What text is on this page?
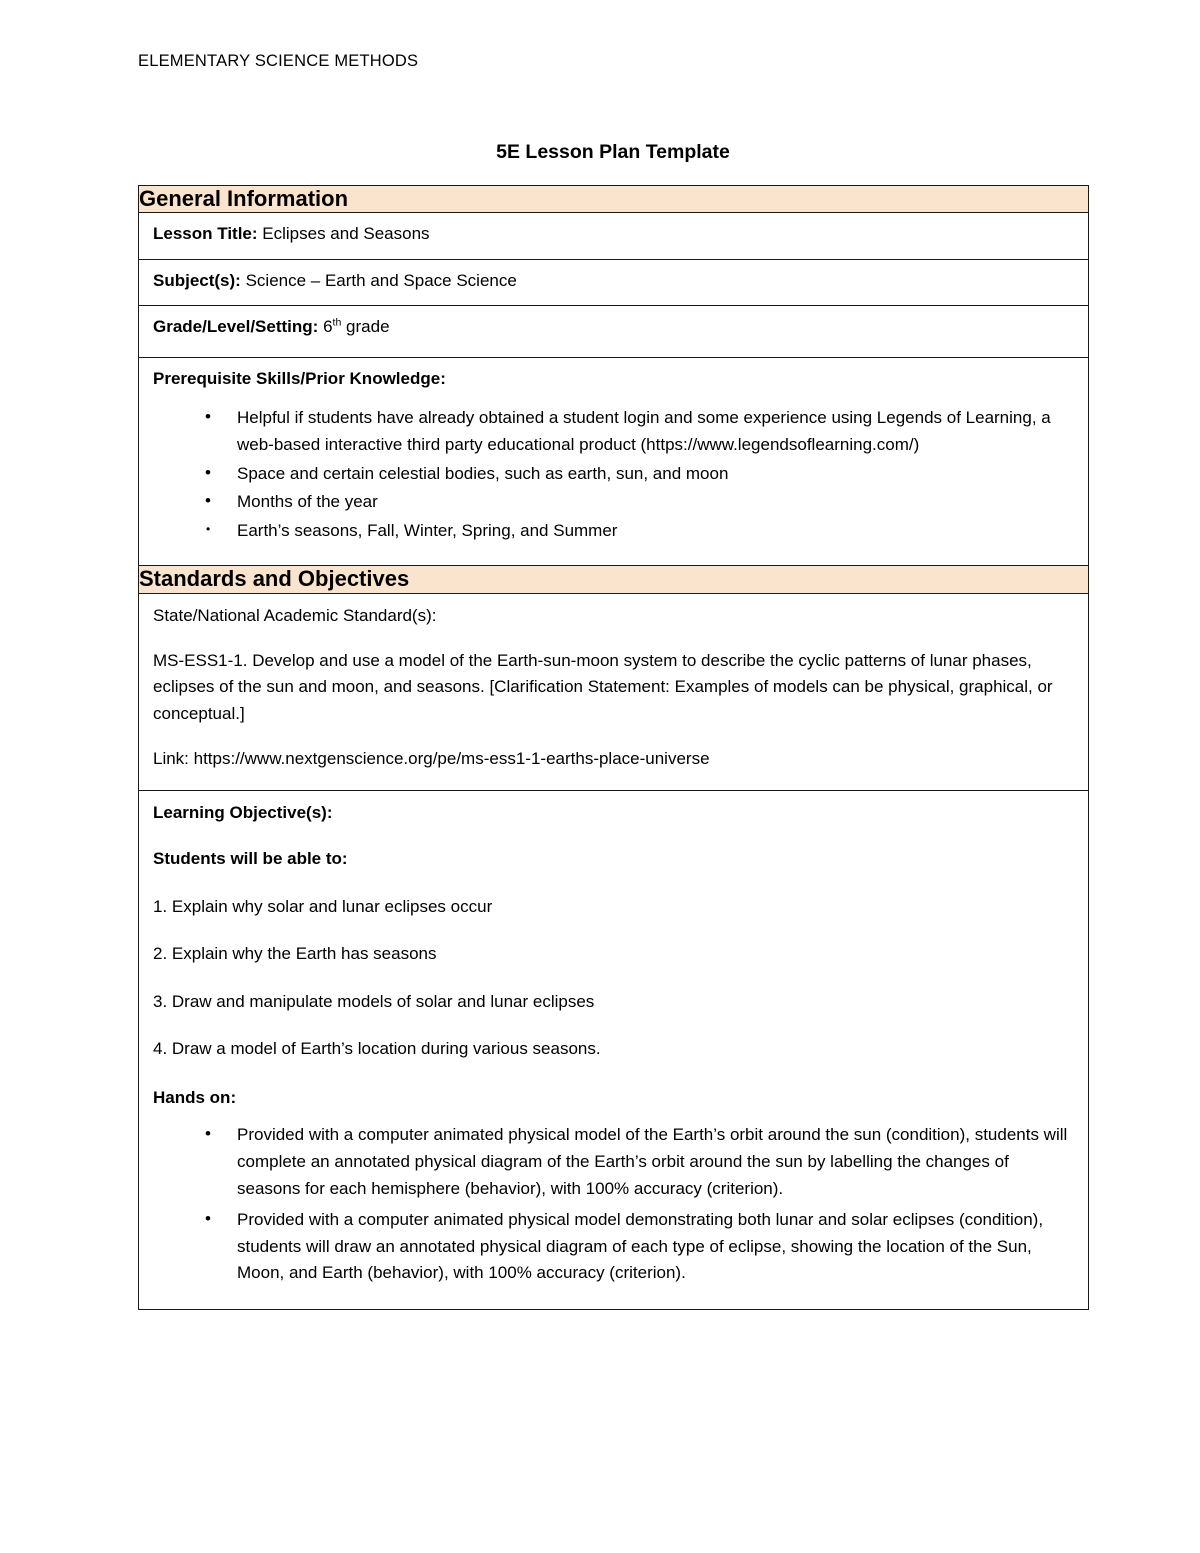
ELEMENTARY SCIENCE METHODS
5E Lesson Plan Template
General Information

Lesson Title: Eclipses and Seasons

Subject(s): Science – Earth and Space Science

Grade/Level/Setting: 6th grade

Prerequisite Skills/Prior Knowledge:
• Helpful if students have already obtained a student login and some experience using Legends of Learning, a web-based interactive third party educational product (https://www.legendsoflearning.com/)
• Space and certain celestial bodies, such as earth, sun, and moon
• Months of the year
• Earth’s seasons, Fall, Winter, Spring, and Summer

Standards and Objectives

State/National Academic Standard(s):

MS-ESS1-1. Develop and use a model of the Earth-sun-moon system to describe the cyclic patterns of lunar phases, eclipses of the sun and moon, and seasons. [Clarification Statement: Examples of models can be physical, graphical, or conceptual.]

Link: https://www.nextgenscience.org/pe/ms-ess1-1-earths-place-universe

Learning Objective(s):

Students will be able to:

1. Explain why solar and lunar eclipses occur

2. Explain why the Earth has seasons

3. Draw and manipulate models of solar and lunar eclipses

4. Draw a model of Earth’s location during various seasons.

Hands on:
• Provided with a computer animated physical model of the Earth’s orbit around the sun (condition), students will complete an annotated physical diagram of the Earth’s orbit around the sun by labelling the changes of seasons for each hemisphere (behavior), with 100% accuracy (criterion).
• Provided with a computer animated physical model demonstrating both lunar and solar eclipses (condition), students will draw an annotated physical diagram of each type of eclipse, showing the location of the Sun, Moon, and Earth (behavior), with 100% accuracy (criterion).
